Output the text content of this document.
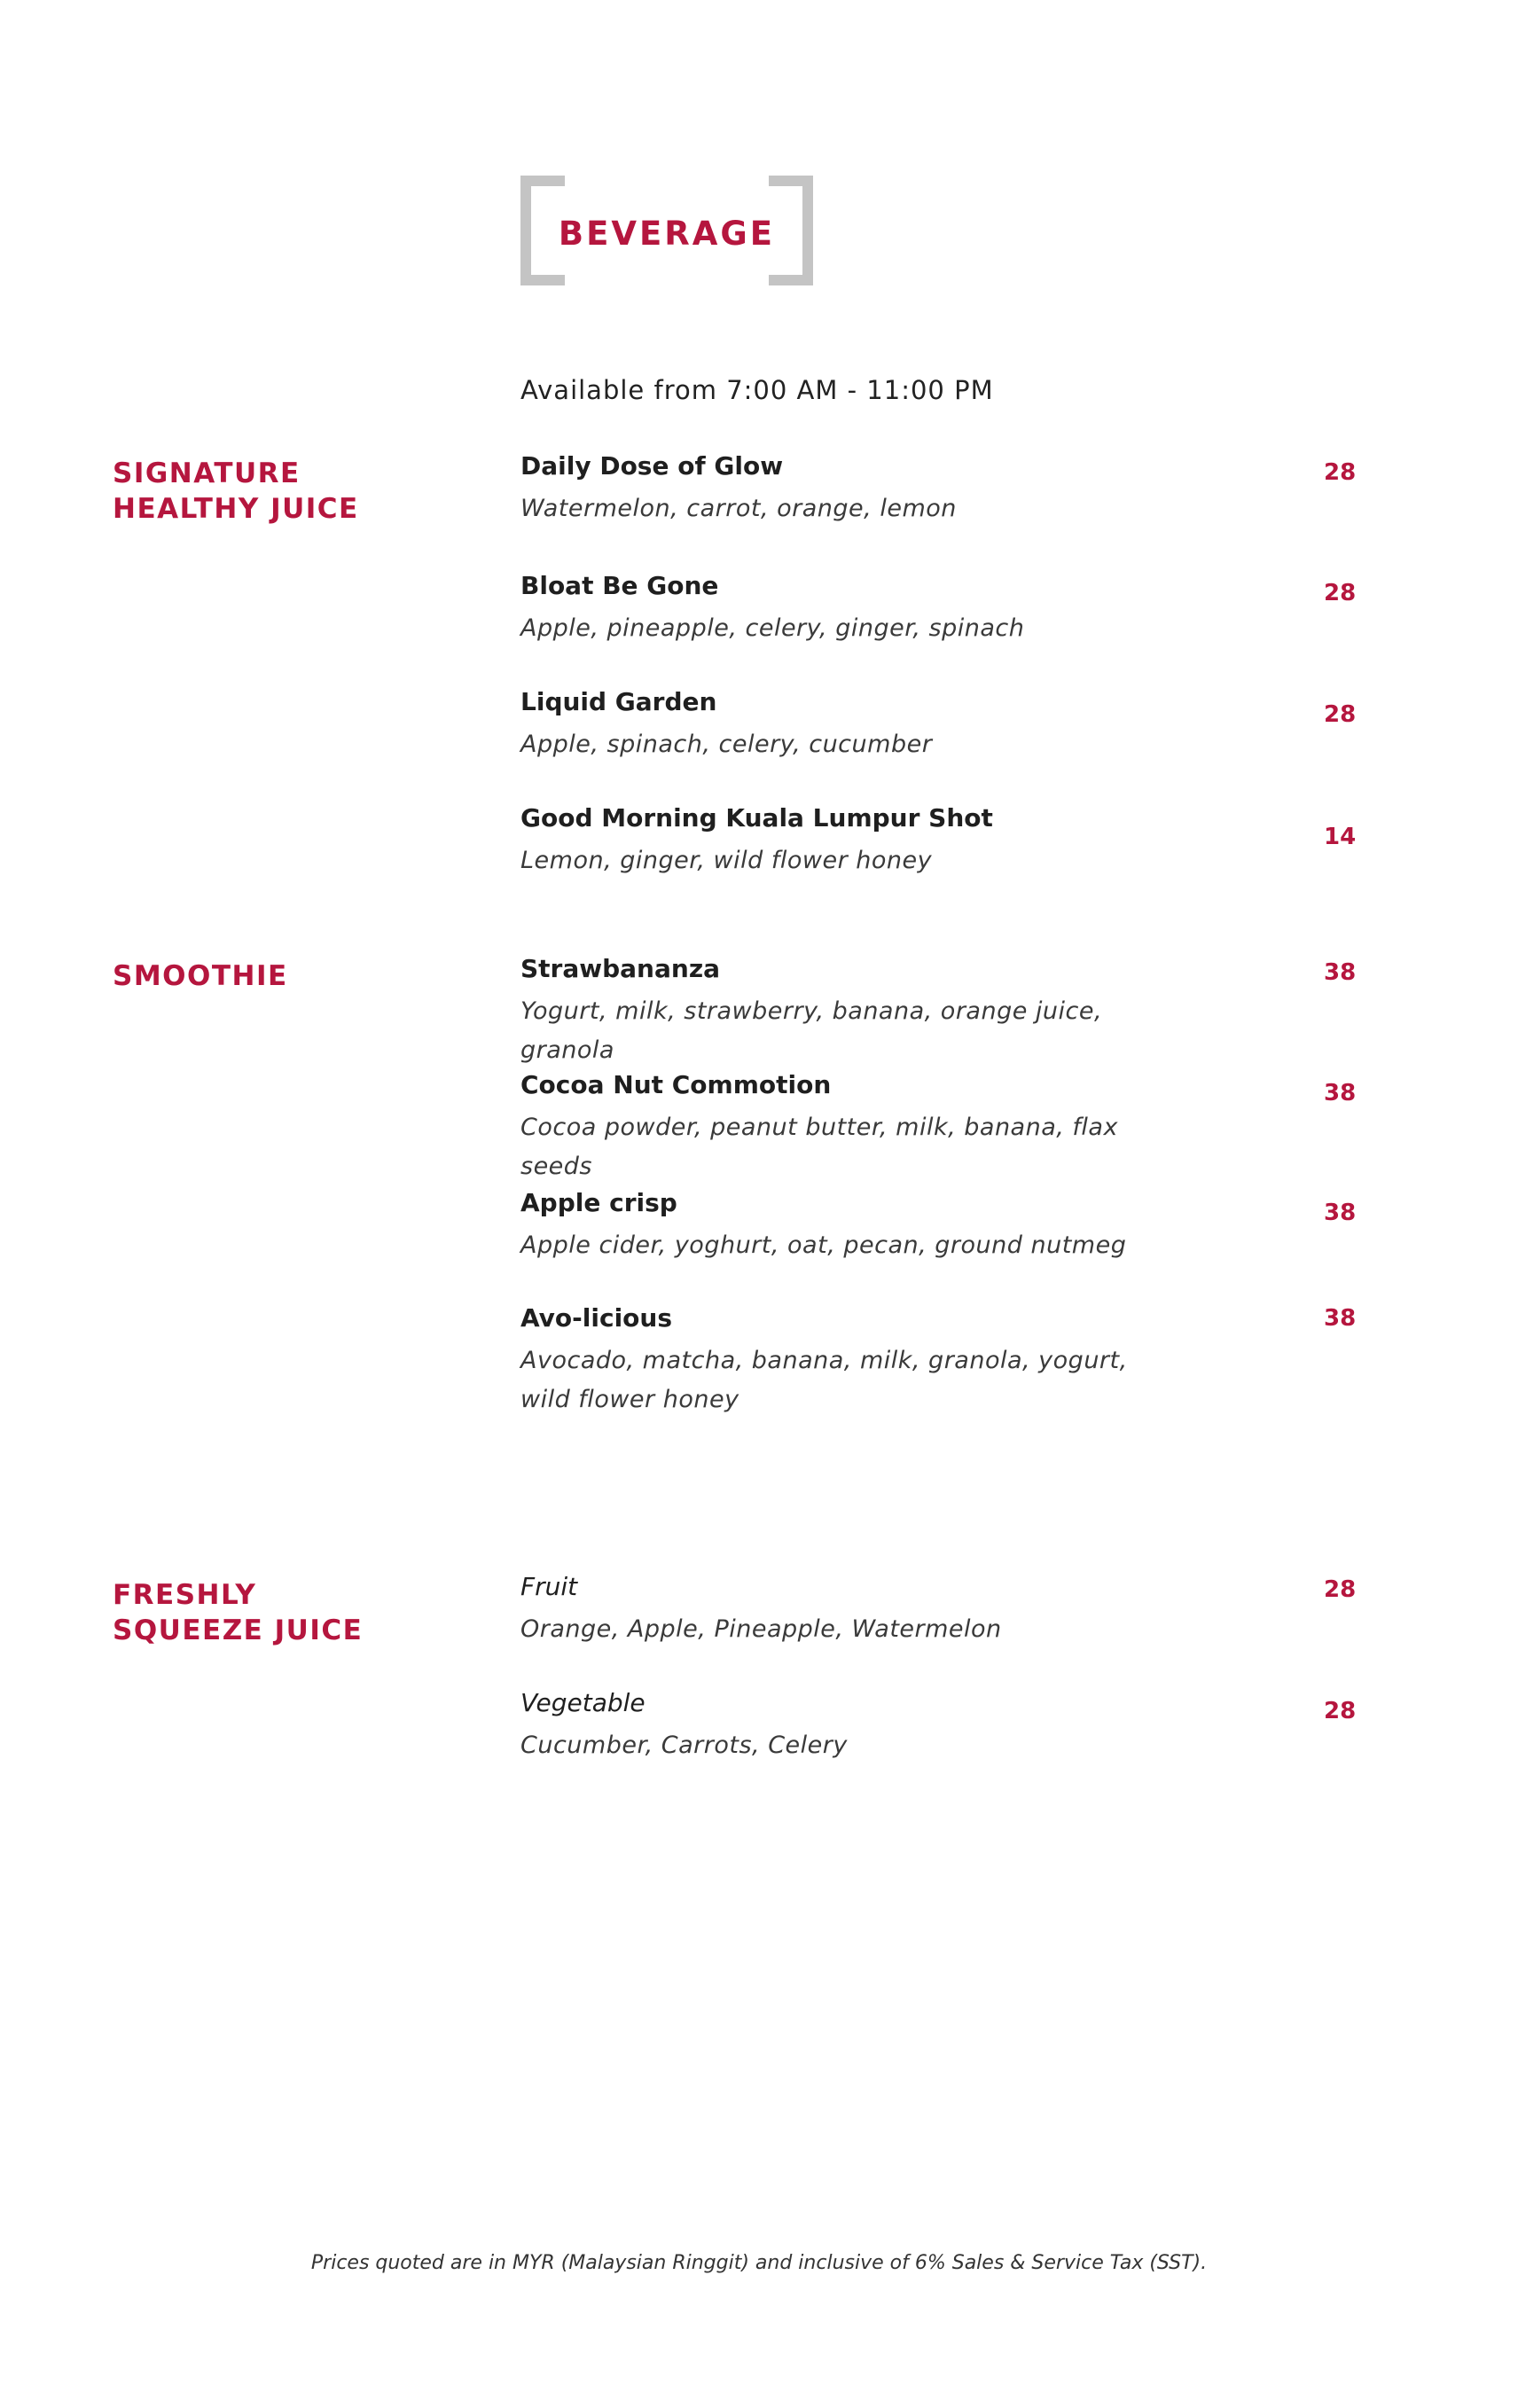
BEVERAGE
Available from 7:00 AM - 11:00 PM
SIGNATURE
HEALTHY JUICE
Daily Dose of Glow
Watermelon, carrot, orange, lemon
28
Bloat Be Gone
Apple, pineapple, celery, ginger, spinach
28
Liquid Garden
Apple, spinach, celery, cucumber
28
Good Morning Kuala Lumpur Shot
Lemon, ginger, wild flower honey
14
SMOOTHIE	Strawbananza
Yogurt, milk, strawberry, banana, orange juice, granola
38
Cocoa Nut Commotion
Cocoa powder, peanut butter, milk, banana, flax seeds
38
Apple crisp
Apple cider, yoghurt, oat, pecan, ground nutmeg
38
Avo-licious
Avocado, matcha, banana, milk, granola, yogurt,
wild flower honey
38
FRESHLY
SQUEEZE JUICE
Fruit
Orange, Apple, Pineapple, Watermelon
28
Vegetable
Cucumber, Carrots, Celery
28
Prices quoted are in MYR (Malaysian Ringgit) and inclusive of 6% Sales & Service Tax (SST).
